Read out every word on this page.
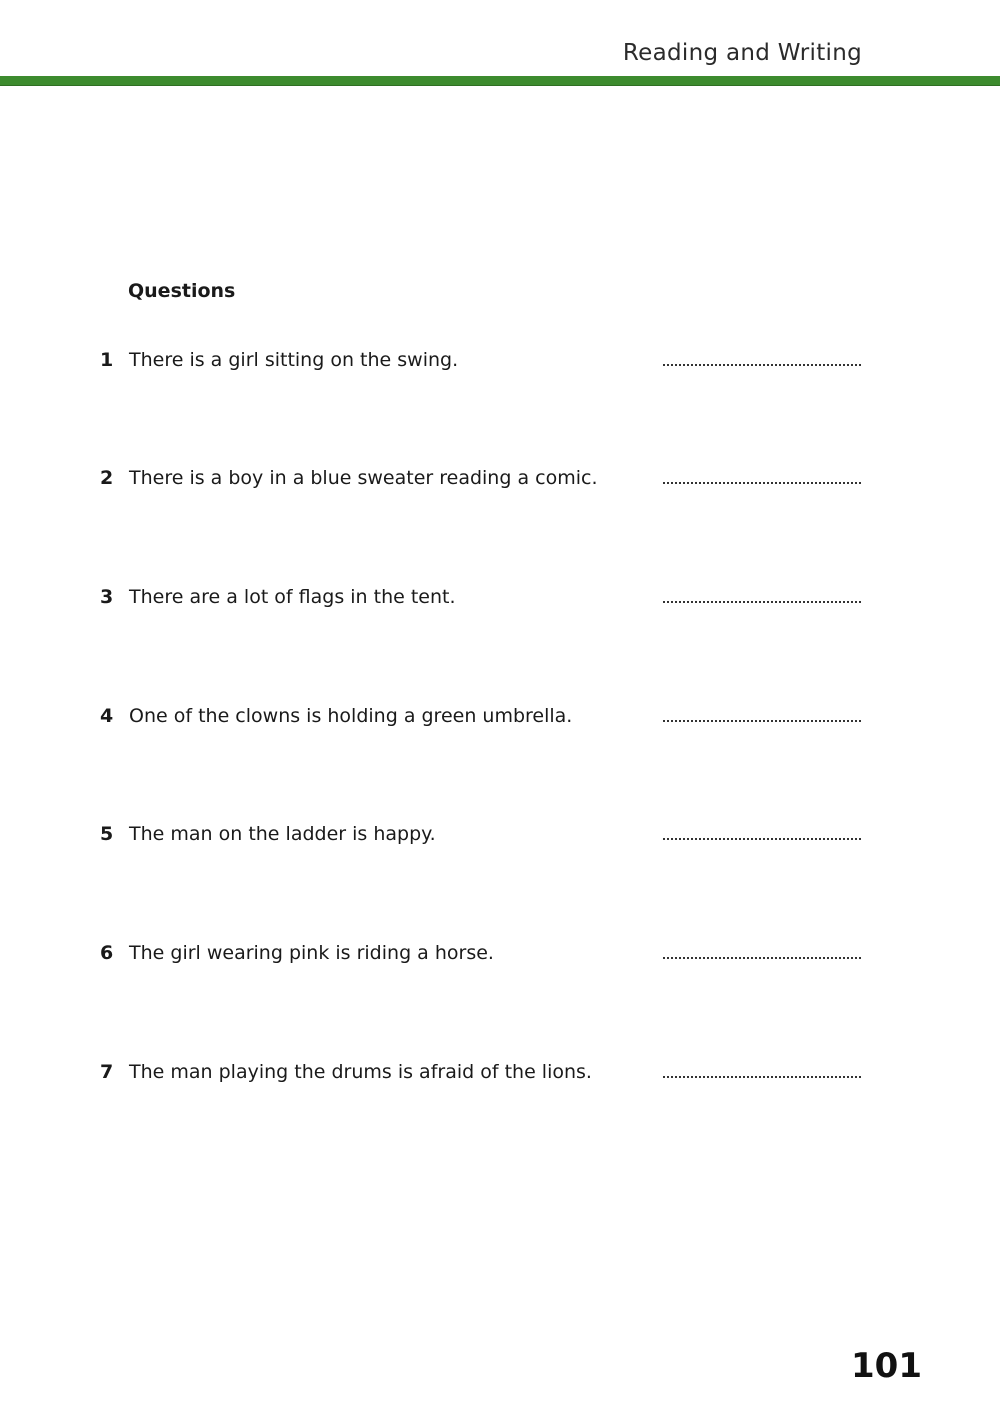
Reading and Writing
Questions
1 There is a girl sitting on the swing.
2 There is a boy in a blue sweater reading a comic.
3 There are a lot of flags in the tent.
4 One of the clowns is holding a green umbrella.
5 The man on the ladder is happy.
6 The girl wearing pink is riding a horse.
7 The man playing the drums is afraid of the lions.
101
